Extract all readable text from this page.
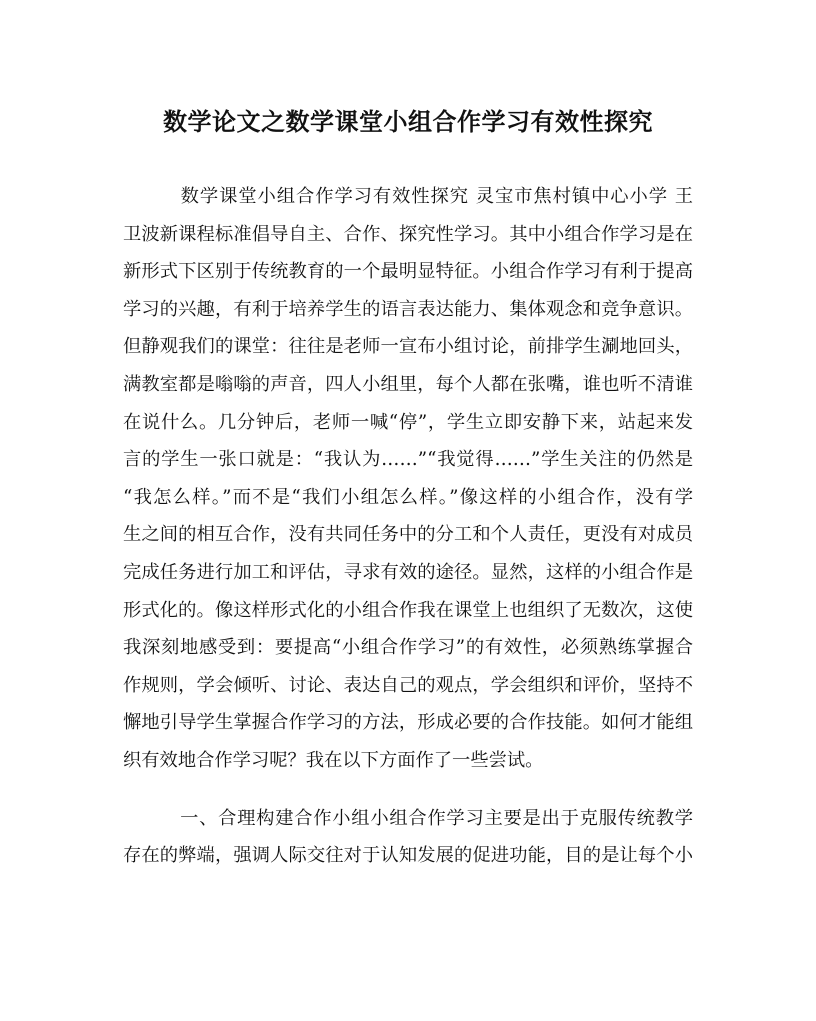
数学论文之数学课堂小组合作学习有效性探究
　　　数学课堂小组合作学习有效性探究 灵宝市焦村镇中心小学 王
卫波新课程标准倡导自主、合作、探究性学习。其中小组合作学习是在
新形式下区别于传统教育的一个最明显特征。小组合作学习有利于提高
学习的兴趣，有利于培养学生的语言表达能力、集体观念和竞争意识。
但静观我们的课堂：往往是老师一宣布小组讨论，前排学生涮地回头，
满教室都是嗡嗡的声音，四人小组里，每个人都在张嘴，谁也听不清谁
在说什么。几分钟后，老师一喊“停”，学生立即安静下来，站起来发
言的学生一张口就是：“我认为……”“我觉得……”学生关注的仍然是
“我怎么样。”而不是“我们小组怎么样。”像这样的小组合作，没有学
生之间的相互合作，没有共同任务中的分工和个人责任，更没有对成员
完成任务进行加工和评估，寻求有效的途径。显然，这样的小组合作是
形式化的。像这样形式化的小组合作我在课堂上也组织了无数次，这使
我深刻地感受到：要提高“小组合作学习”的有效性，必须熟练掌握合
作规则，学会倾听、讨论、表达自己的观点，学会组织和评价，坚持不
懈地引导学生掌握合作学习的方法，形成必要的合作技能。如何才能组
织有效地合作学习呢？我在以下方面作了一些尝试。
　　　一、合理构建合作小组小组合作学习主要是出于克服传统教学
存在的弊端，强调人际交往对于认知发展的促进功能，目的是让每个小
